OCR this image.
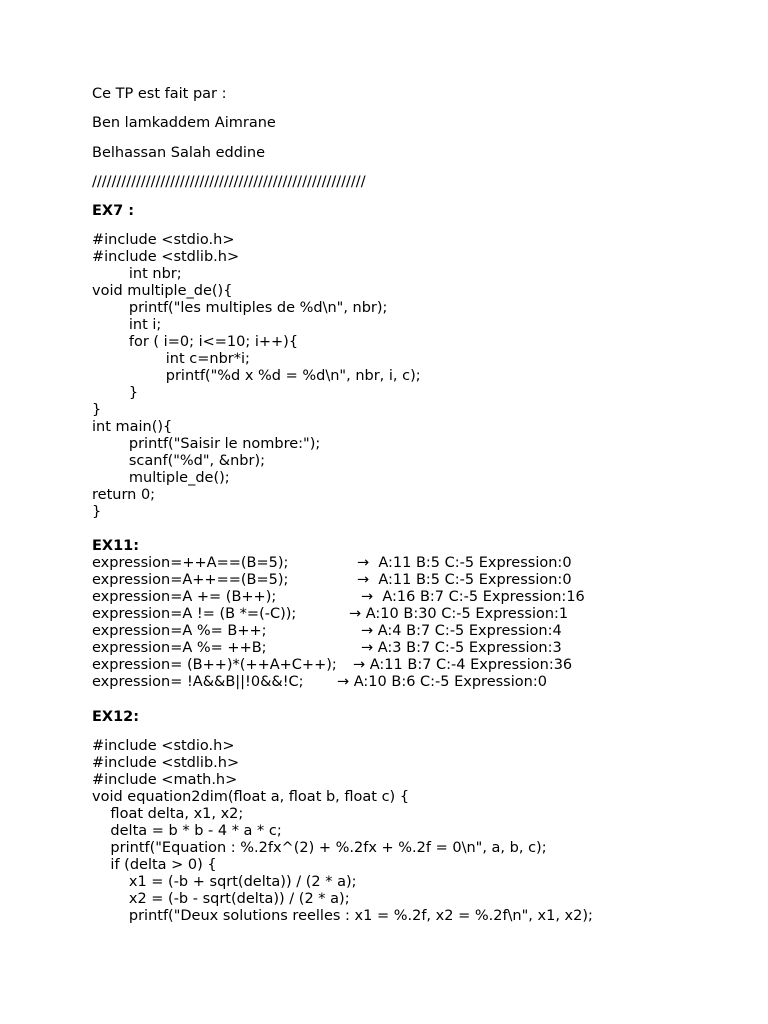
Ce TP est fait par :
Ben lamkaddem Aimrane
Belhassan Salah eddine
////////////////////////////////////////////////////////
EX7 :
#include <stdio.h>
#include <stdlib.h>
int nbr;
void multiple_de(){
printf("les multiples de %d\n", nbr);
int i;
for ( i=0; i<=10; i++){
int c=nbr*i;
printf("%d x %d = %d\n", nbr, i, c);
}
}
int main(){
printf("Saisir le nombre:");
scanf("%d", &nbr);
multiple_de();
return 0;
}
EX11:
expression=++A==(B=5);	→  A:11 B:5 C:-5 Expression:0
expression=A++==(B=5);	→  A:11 B:5 C:-5 Expression:0
expression=A += (B++);	→  A:16 B:7 C:-5 Expression:16
expression=A != (B *=(-C));	→ A:10 B:30 C:-5 Expression:1
expression=A %= B++;	→ A:4 B:7 C:-5 Expression:4
expression=A %= ++B;	→ A:3 B:7 C:-5 Expression:3
expression= (B++)*(++A+C++); → A:11 B:7 C:-4 Expression:36
expression= !A&&B||!0&&!C; → A:10 B:6 C:-5 Expression:0
EX12:
#include <stdio.h>
#include <stdlib.h>
#include <math.h>
void equation2dim(float a, float b, float c) {
float delta, x1, x2;
delta = b * b - 4 * a * c;
printf("Equation : %.2fx^(2) + %.2fx + %.2f = 0\n", a, b, c);
if (delta > 0) {
x1 = (-b + sqrt(delta)) / (2 * a);
x2 = (-b - sqrt(delta)) / (2 * a);
printf("Deux solutions reelles : x1 = %.2f, x2 = %.2f\n", x1, x2);
